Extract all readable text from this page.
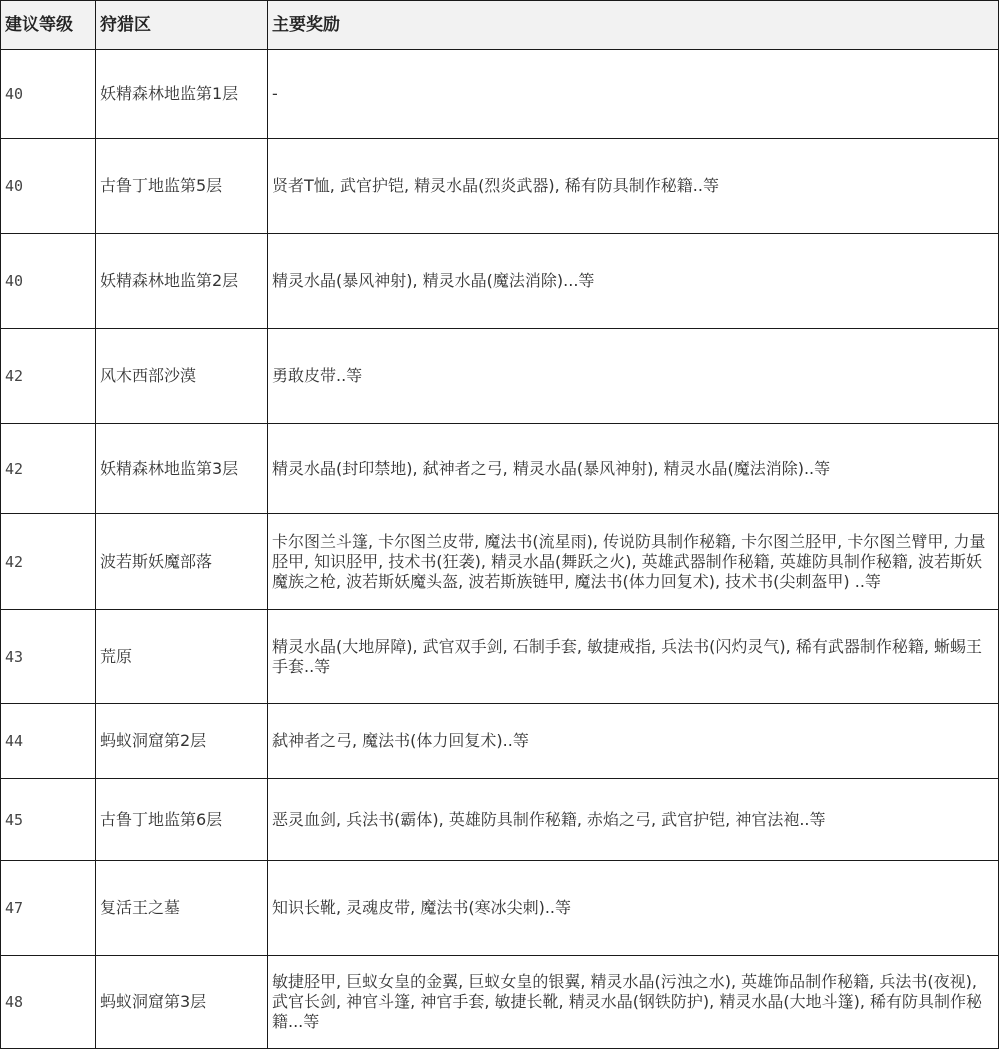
建议等级	狩猎区	主要奖励
40	妖精森林地监第1层	-
40	古鲁丁地监第5层	贤者T恤, 武官护铠, 精灵水晶(烈炎武器), 稀有防具制作秘籍..等
40	妖精森林地监第2层	精灵水晶(暴风神射), 精灵水晶(魔法消除)...等
42	风木西部沙漠	勇敢皮带..等
42	妖精森林地监第3层	精灵水晶(封印禁地), 弑神者之弓, 精灵水晶(暴风神射), 精灵水晶(魔法消除)..等
42	波若斯妖魔部落	卡尔图兰斗篷, 卡尔图兰皮带, 魔法书(流星雨), 传说防具制作秘籍, 卡尔图兰胫甲, 卡尔图兰臂甲, 力量胫甲, 知识胫甲, 技术书(狂袭), 精灵水晶(舞跃之火), 英雄武器制作秘籍, 英雄防具制作秘籍, 波若斯妖魔族之枪, 波若斯妖魔头盔, 波若斯族链甲, 魔法书(体力回复术), 技术书(尖刺盔甲) ..等
43	荒原	精灵水晶(大地屏障), 武官双手剑, 石制手套, 敏捷戒指, 兵法书(闪灼灵气), 稀有武器制作秘籍, 蜥蜴王手套..等
44	蚂蚁洞窟第2层	弑神者之弓, 魔法书(体力回复术)..等
45	古鲁丁地监第6层	恶灵血剑, 兵法书(霸体), 英雄防具制作秘籍, 赤焰之弓, 武官护铠, 神官法袍..等
47	复活王之墓	知识长靴, 灵魂皮带, 魔法书(寒冰尖刺)..等
48	蚂蚁洞窟第3层	敏捷胫甲, 巨蚁女皇的金翼, 巨蚁女皇的银翼, 精灵水晶(污浊之水), 英雄饰品制作秘籍, 兵法书(夜视), 武官长剑, 神官斗篷, 神官手套, 敏捷长靴, 精灵水晶(钢铁防护), 精灵水晶(大地斗篷), 稀有防具制作秘籍...等
